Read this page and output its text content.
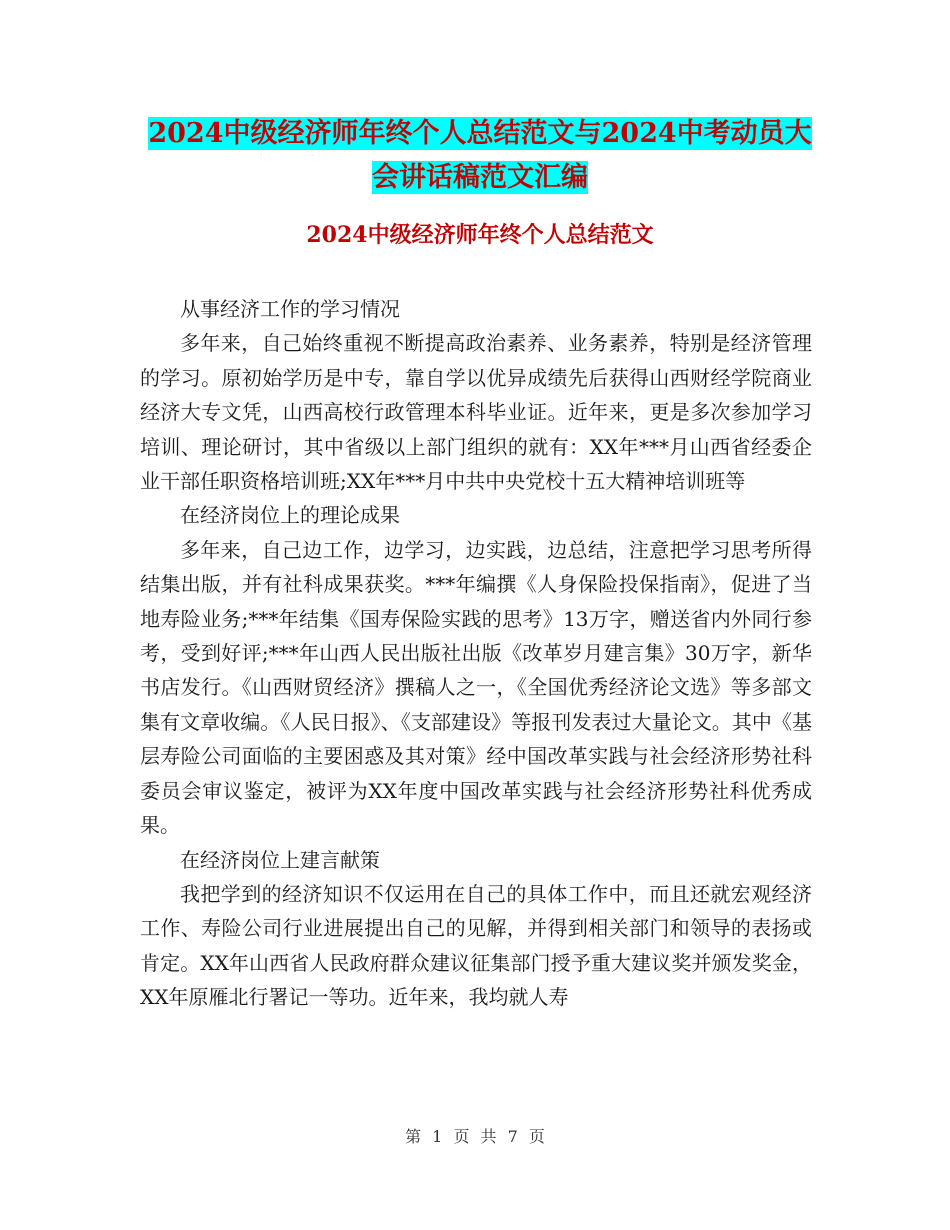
2024中级经济师年终个人总结范文与2024中考动员大
会讲话稿范文汇编
2024中级经济师年终个人总结范文

从事经济工作的学习情况

多年来，自己始终重视不断提高政治素养、业务素养，特别是经济管理的学习。原初始学历是中专，靠自学以优异成绩先后获得山西财经学院商业经济大专文凭，山西高校行政管理本科毕业证。近年来，更是多次参加学习培训、理论研讨，其中省级以上部门组织的就有：XX年***月山西省经委企业干部任职资格培训班;XX年***月中共中央党校十五大精神培训班等

在经济岗位上的理论成果

多年来，自己边工作，边学习，边实践，边总结，注意把学习思考所得结集出版，并有社科成果获奖。***年编撰《人身保险投保指南》，促进了当地寿险业务;***年结集《国寿保险实践的思考》13万字，赠送省内外同行参考，受到好评;***年山西人民出版社出版《改革岁月建言集》30万字，新华书店发行。《山西财贸经济》撰稿人之一，《全国优秀经济论文选》等多部文集有文章收编。《人民日报》、《支部建设》等报刊发表过大量论文。其中《基层寿险公司面临的主要困惑及其对策》经中国改革实践与社会经济形势社科委员会审议鉴定，被评为XX年度中国改革实践与社会经济形势社科优秀成果。

在经济岗位上建言献策

我把学到的经济知识不仅运用在自己的具体工作中，而且还就宏观经济工作、寿险公司行业进展提出自己的见解，并得到相关部门和领导的表扬或肯定。XX年山西省人民政府群众建议征集部门授予重大建议奖并颁发奖金，XX年原雁北行署记一等功。近年来，我均就人寿

第 1 页 共 7 页
